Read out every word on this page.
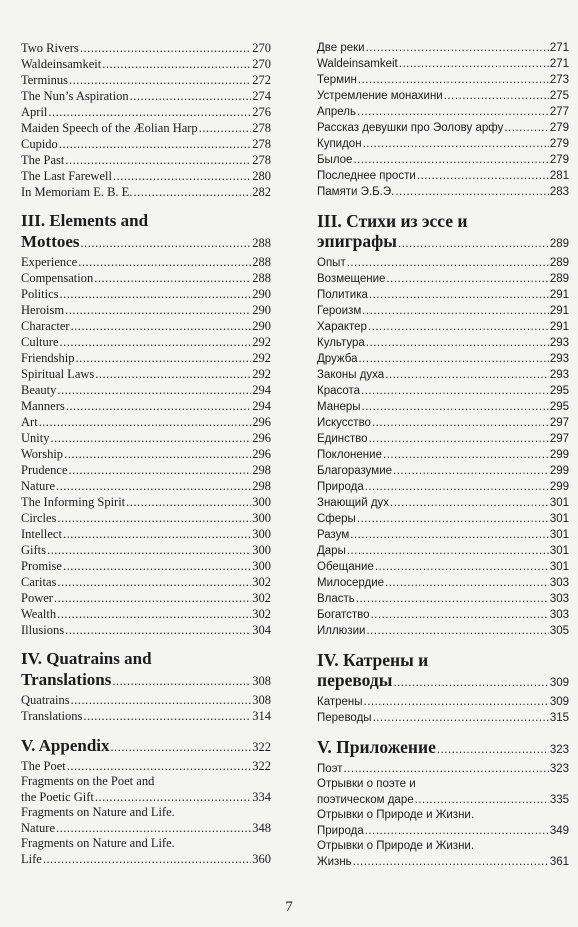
Two Rivers .....	270
Waldeinsamkeit .....	270
Terminus .....	272
The Nun’s Aspiration .....	274
April .....	276
Maiden Speech of the Æolian Harp .....	278
Cupido .....	278
The Past .....	278
The Last Farewell .....	280
In Memoriam E. B. E. .....	282
III. Elements and
Mottoes .....	288
Experience .....	288
Compensation .....	288
Politics .....	290
Heroism .....	290
Character .....	290
Culture .....	292
Friendship .....	292
Spiritual Laws .....	292
Beauty .....	294
Manners .....	294
Art .....	296
Unity .....	296
Worship .....	296
Prudence .....	298
Nature .....	298
The Informing Spirit .....	300
Circles .....	300
Intellect .....	300
Gifts .....	300
Promise .....	300
Caritas .....	302
Power .....	302
Wealth .....	302
Illusions .....	304
IV. Quatrains and
Translations .....	308
Quatrains .....	308
Translations .....	314
V. Appendix .....	322
The Poet .....	322
Fragments on the Poet and
the Poetic Gift .....	334
Fragments on Nature and Life.
Nature .....	348
Fragments on Nature and Life.
Life .....	360
Две реки .....	271
Waldeinsamkeit .....	271
Термин .....	273
Устремление монахини .....	275
Апрель .....	277
Рассказ девушки про Эолову арфу .....	279
Купидон .....	279
Былое .....	279
Последнее прости .....	281
Памяти Э.Б.Э. .....	283
III. Стихи из эссе и
эпиграфы .....	289
Опыт .....	289
Возмещение .....	289
Политика .....	291
Героизм .....	291
Характер .....	291
Культура .....	293
Дружба .....	293
Законы духа .....	293
Красота .....	295
Манеры .....	295
Искусство .....	297
Единство .....	297
Поклонение .....	299
Благоразумие .....	299
Природа .....	299
Знающий дух .....	301
Сферы .....	301
Разум .....	301
Дары .....	301
Обещание .....	301
Милосердие .....	303
Власть .....	303
Богатство .....	303
Иллюзии .....	305
IV. Катрены и
переводы .....	309
Катрены .....	309
Переводы .....	315
V. Приложение .....	323
Поэт .....	323
Отрывки о поэте и
поэтическом даре .....	335
Отрывки о Природе и Жизни.
Природа .....	349
Отрывки о Природе и Жизни.
Жизнь .....	361
7
